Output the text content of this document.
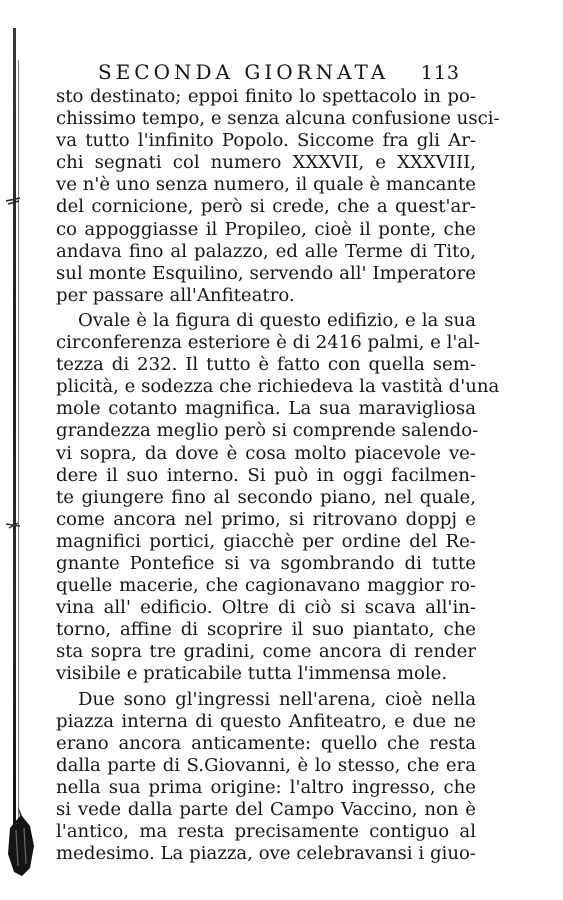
SECONDA GIORNATA 113
sto destinato; eppoi finito lo spettacolo in po-
chissimo tempo, e senza alcuna confusione usci-
va tutto l'infinito Popolo. Siccome fra gli Ar-
chi segnati col numero XXXVII, e XXXVIII,
ve n'è uno senza numero, il quale è mancante
del cornicione, però si crede, che a quest'ar-
co appoggiasse il Propileo, cioè il ponte, che
andava fino al palazzo, ed alle Terme di Tito,
sul monte Esquilino, servendo all' Imperatore
per passare all'Anfiteatro.
Ovale è la figura di questo edifizio, e la sua
circonferenza esteriore è di 2416 palmi, e l'al-
tezza di 232. Il tutto è fatto con quella sem-
plicità, e sodezza che richiedeva la vastità d'una
mole cotanto magnifica. La sua maravigliosa
grandezza meglio però si comprende salendo-
vi sopra, da dove è cosa molto piacevole ve-
dere il suo interno. Si può in oggi facilmen-
te giungere fino al secondo piano, nel quale,
come ancora nel primo, si ritrovano doppj e
magnifici portici, giacchè per ordine del Re-
gnante Pontefice si va sgombrando di tutte
quelle macerie, che cagionavano maggior ro-
vina all' edificio. Oltre di ciò si scava all'in-
torno, affine di scoprire il suo piantato, che
sta sopra tre gradini, come ancora di render
visibile e praticabile tutta l'immensa mole.
Due sono gl'ingressi nell'arena, cioè nella
piazza interna di questo Anfiteatro, e due ne
erano ancora anticamente: quello che resta
dalla parte di S.Giovanni, è lo stesso, che era
nella sua prima origine: l'altro ingresso, che
si vede dalla parte del Campo Vaccino, non è
l'antico, ma resta precisamente contiguo al
medesimo. La piazza, ove celebravansi i giuo-
